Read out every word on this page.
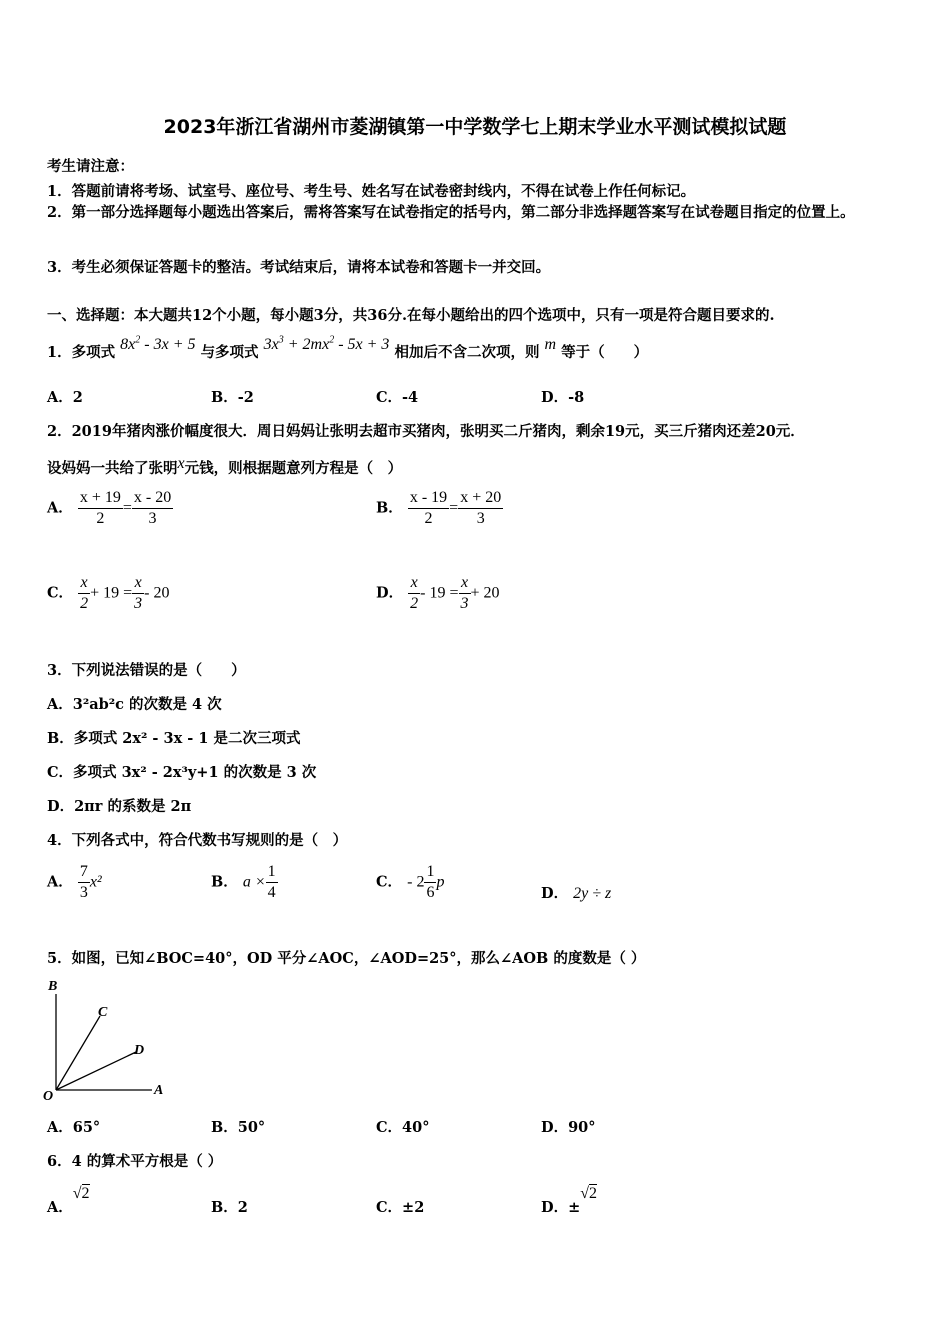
2023年浙江省湖州市菱湖镇第一中学数学七上期末学业水平测试模拟试题
考生请注意：
1．答题前请将考场、试室号、座位号、考生号、姓名写在试卷密封线内，不得在试卷上作任何标记。
2．第一部分选择题每小题选出答案后，需将答案写在试卷指定的括号内，第二部分非选择题答案写在试卷题目指定的位置上。
3．考生必须保证答题卡的整洁。考试结束后，请将本试卷和答题卡一并交回。
一、选择题：本大题共12个小题，每小题3分，共36分.在每小题给出的四个选项中，只有一项是符合题目要求的.
1．多项式 $8x^2 - 3x + 5$ 与多项式 $3x^3 + 2mx^2 - 5x + 3$ 相加后不含二次项，则 m 等于（　　）
A．2	B．-2	C．-4	D．-8
2．2019年猪肉涨价幅度很大．周日妈妈让张明去超市买猪肉，张明买二斤猪肉，剩余19元，买三斤猪肉还差20元．
设妈妈一共给了张明x元钱，则根据题意列方程是（　）
A． $\frac{x + 19}{2} = \frac{x - 20}{3}$	B． $\frac{x - 19}{2} = \frac{x + 20}{3}$
C． $\frac{x}{2} + 19 = \frac{x}{3} - 20$	D． $\frac{x}{2} - 19 = \frac{x}{3} + 20$
3．下列说法错误的是（　　）
A．3²ab²c 的次数是 4 次
B．多项式 2x² - 3x - 1 是二次三项式
C．多项式 3x² - 2x³y+1 的次数是 3 次
D．2πr 的系数是 2π
4．下列各式中，符合代数书写规则的是（　）
A． $\frac{7}{3} x^2$	B． $a \times \frac{1}{4}$	C． - $2 \frac{1}{6}$ p
D． 2y ÷ z
5．如图，已知∠BOC=40°，OD 平分∠AOC，∠AOD=25°，那么∠AOB 的度数是（ ）
B
C
D
O	A
A．65°	B．50°	C．40°	D．90°
6．4 的算术平方根是（ ）
A．√2
B．2	C．±2	D．±√2
